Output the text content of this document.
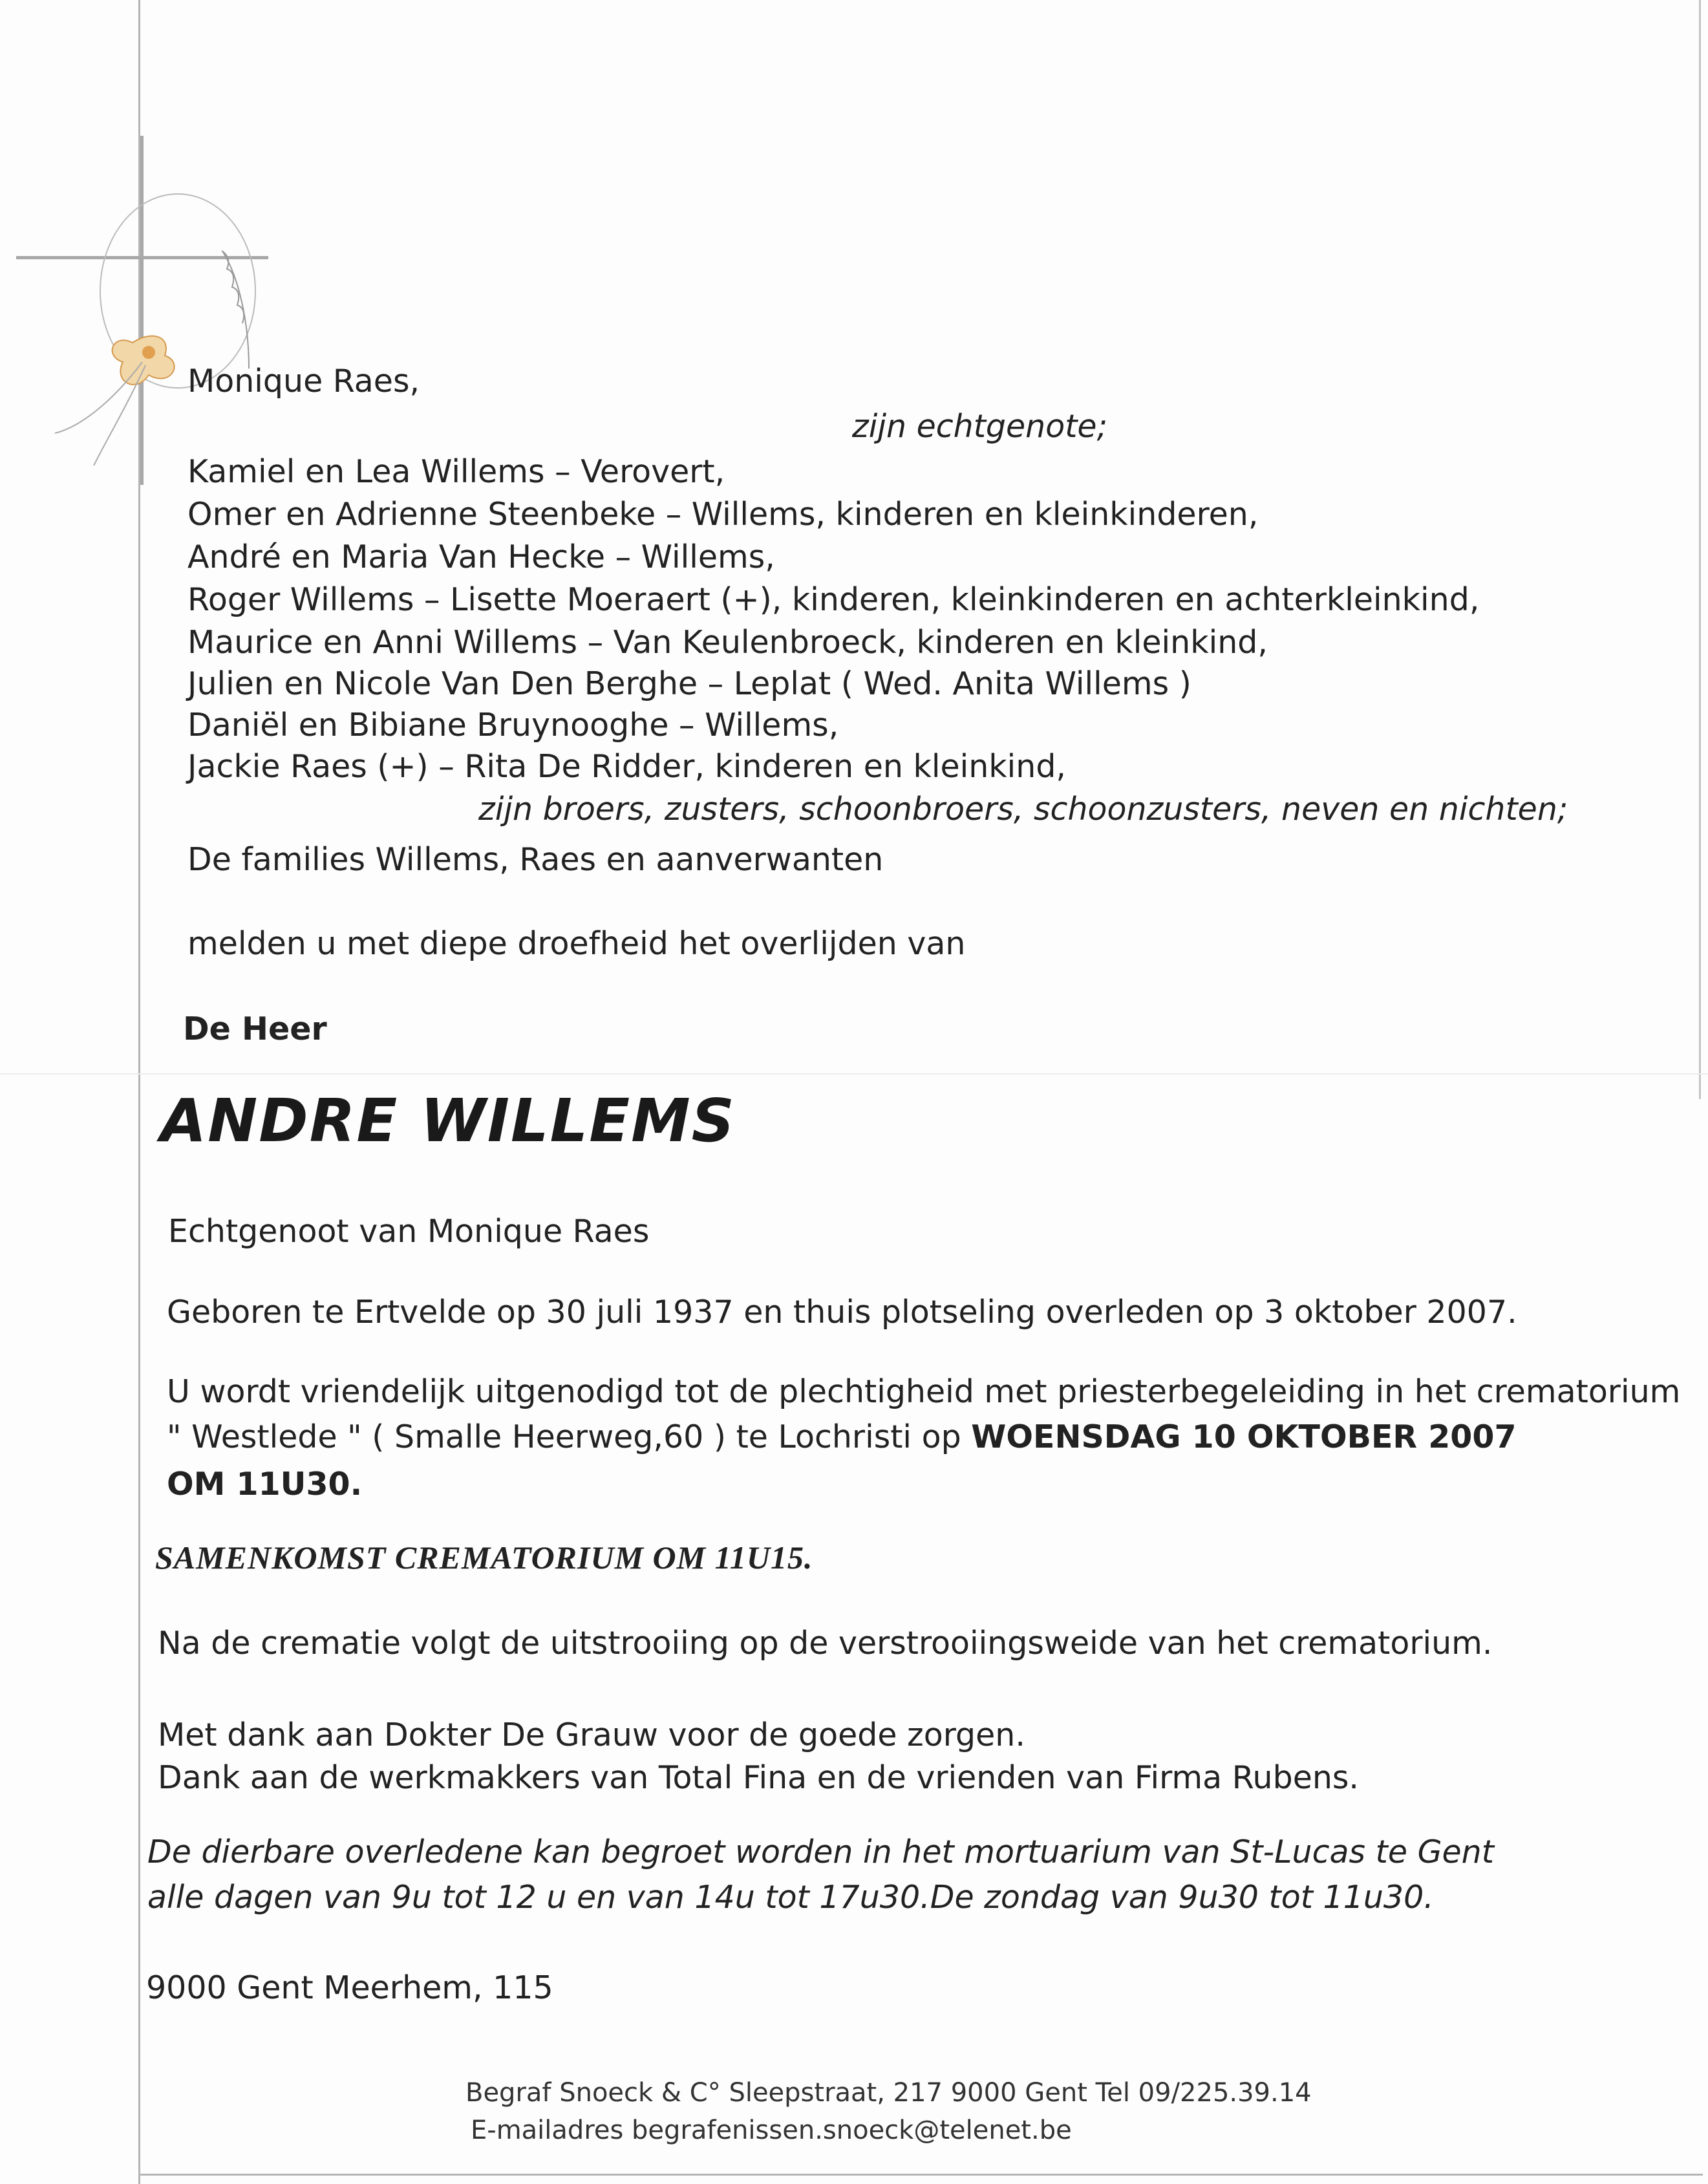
Monique Raes,
zijn echtgenote;
Kamiel en Lea Willems – Verovert,
Omer en Adrienne Steenbeke – Willems, kinderen en kleinkinderen,
André en Maria Van Hecke – Willems,
Roger Willems – Lisette Moeraert (+), kinderen, kleinkinderen en achterkleinkind,
Maurice en Anni Willems – Van Keulenbroeck, kinderen en kleinkind,
Julien en Nicole Van Den Berghe – Leplat ( Wed. Anita Willems )
Daniël en Bibiane Bruynooghe – Willems,
Jackie Raes (+) – Rita De Ridder, kinderen en kleinkind,
zijn broers, zusters, schoonbroers, schoonzusters, neven en nichten;
De families Willems, Raes en aanverwanten
melden u met diepe droefheid het overlijden van
De Heer
ANDRE WILLEMS
Echtgenoot van Monique Raes
Geboren te Ertvelde op 30 juli 1937 en thuis plotseling overleden op 3 oktober 2007.
U wordt vriendelijk uitgenodigd tot de plechtigheid met priesterbegeleiding in het crematorium
" Westlede " ( Smalle Heerweg,60 ) te Lochristi op WOENSDAG 10 OKTOBER 2007
OM 11U30.
SAMENKOMST CREMATORIUM OM 11U15.
Na de crematie volgt de uitstrooiing op de verstrooiingsweide van het crematorium.
Met dank aan Dokter De Grauw voor de goede zorgen.
Dank aan de werkmakkers van Total Fina en de vrienden van Firma Rubens.
De dierbare overledene kan begroet worden in het mortuarium van St-Lucas te Gent
alle dagen van 9u tot 12 u en van 14u tot 17u30.De zondag van 9u30 tot 11u30.
9000 Gent Meerhem, 115
Begraf Snoeck & C° Sleepstraat, 217 9000 Gent Tel 09/225.39.14
E-mailadres begrafenissen.snoeck@telenet.be
